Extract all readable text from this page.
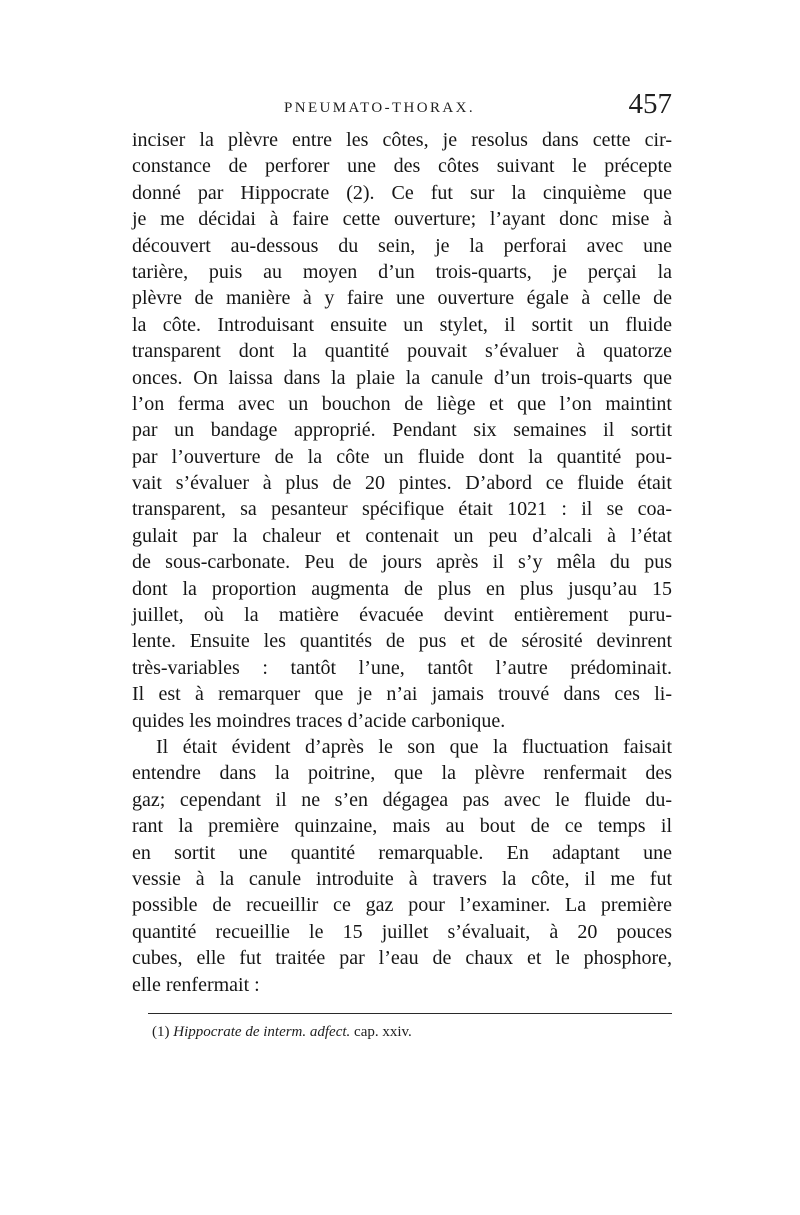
PNEUMATO-THORAX.	457
inciser la plèvre entre les côtes, je resolus dans cette cir-
constance de perforer une des côtes suivant le précepte
donné par Hippocrate (2). Ce fut sur la cinquième que
je me décidai à faire cette ouverture; l’ayant donc mise à
découvert au-dessous du sein, je la perforai avec une
tarière, puis au moyen d’un trois-quarts, je perçai la
plèvre de manière à y faire une ouverture égale à celle de
la côte. Introduisant ensuite un stylet, il sortit un fluide
transparent dont la quantité pouvait s’évaluer à quatorze
onces. On laissa dans la plaie la canule d’un trois-quarts que
l’on ferma avec un bouchon de liège et que l’on maintint
par un bandage approprié. Pendant six semaines il sortit
par l’ouverture de la côte un fluide dont la quantité pou-
vait s’évaluer à plus de 20 pintes. D’abord ce fluide était
transparent, sa pesanteur spécifique était 1021 : il se coa-
gulait par la chaleur et contenait un peu d’alcali à l’état
de sous-carbonate. Peu de jours après il s’y mêla du pus
dont la proportion augmenta de plus en plus jusqu’au 15
juillet, où la matière évacuée devint entièrement puru-
lente. Ensuite les quantités de pus et de sérosité devinrent
très-variables : tantôt l’une, tantôt l’autre prédominait.
Il est à remarquer que je n’ai jamais trouvé dans ces li-
quides les moindres traces d’acide carbonique.
Il était évident d’après le son que la fluctuation faisait
entendre dans la poitrine, que la plèvre renfermait des
gaz; cependant il ne s’en dégagea pas avec le fluide du-
rant la première quinzaine, mais au bout de ce temps il
en sortit une quantité remarquable. En adaptant une
vessie à la canule introduite à travers la côte, il me fut
possible de recueillir ce gaz pour l’examiner. La première
quantité recueillie le 15 juillet s’évaluait, à 20 pouces
cubes, elle fut traitée par l’eau de chaux et le phosphore,
elle renfermait :
(1) Hippocrate de interm. adfect. cap. xxiv.
